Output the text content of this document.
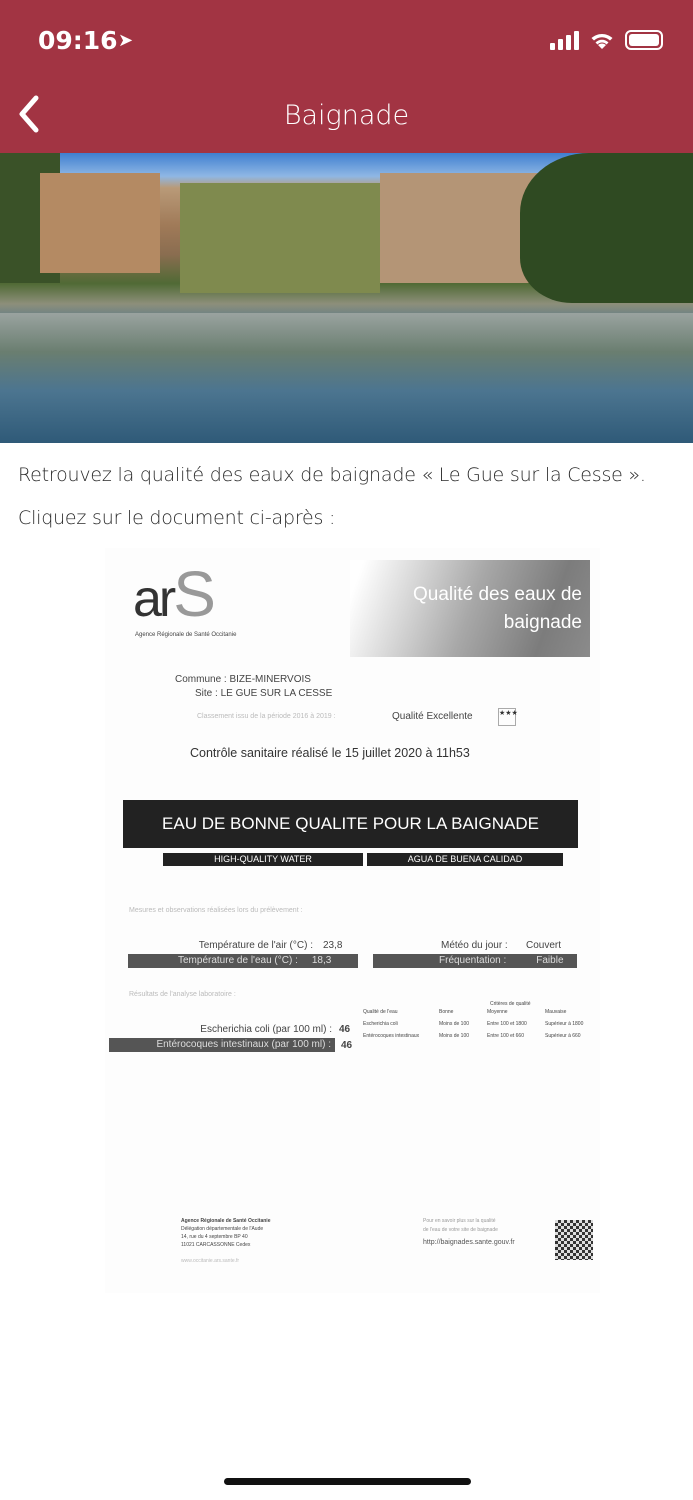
09:16 ➤
Baignade
Retrouvez la qualité des eaux de baignade « Le Gue sur la Cesse ».
Cliquez sur le document ci-après :
Qualité des eaux de
baignade
arS
Agence Régionale de Santé Occitanie
Commune : BIZE-MINERVOIS
Site : LE GUE SUR LA CESSE
Classement issu de la période 2016 à 2019 :	Qualité Excellente	★★★
Contrôle sanitaire réalisé le 15 juillet 2020 à 11h53
EAU DE BONNE QUALITE POUR LA BAIGNADE
HIGH-QUALITY WATER	AGUA DE BUENA CALIDAD
Mesures et observations réalisées lors du prélèvement :
Température de l'air (°C) : 23,8
Température de l'eau (°C) : 18,3
Météo du jour : Couvert
Fréquentation :	Faible
Résultats de l'analyse laboratoire :
Escherichia coli (par 100 ml) : 46
Entérocoques intestinaux (par 100 ml) :	46
Critères de qualité
Qualité de l'eau	Bonne	Moyenne	Mauvaise
Escherichia coli	Moins de 100	Entre 100 et 1800	Supérieur à 1800
Entérocoques intestinaux	Moins de 100	Entre 100 et 660	Supérieur à 660
Agence Régionale de Santé Occitanie
Délégation départementale de l'Aude
14, rue du 4 septembre BP 40
11021 CARCASSONNE Cedex
www.occitanie.ars.sante.fr
Pour en savoir plus sur la qualité
de l'eau de votre site de baignade
http://baignades.sante.gouv.fr
